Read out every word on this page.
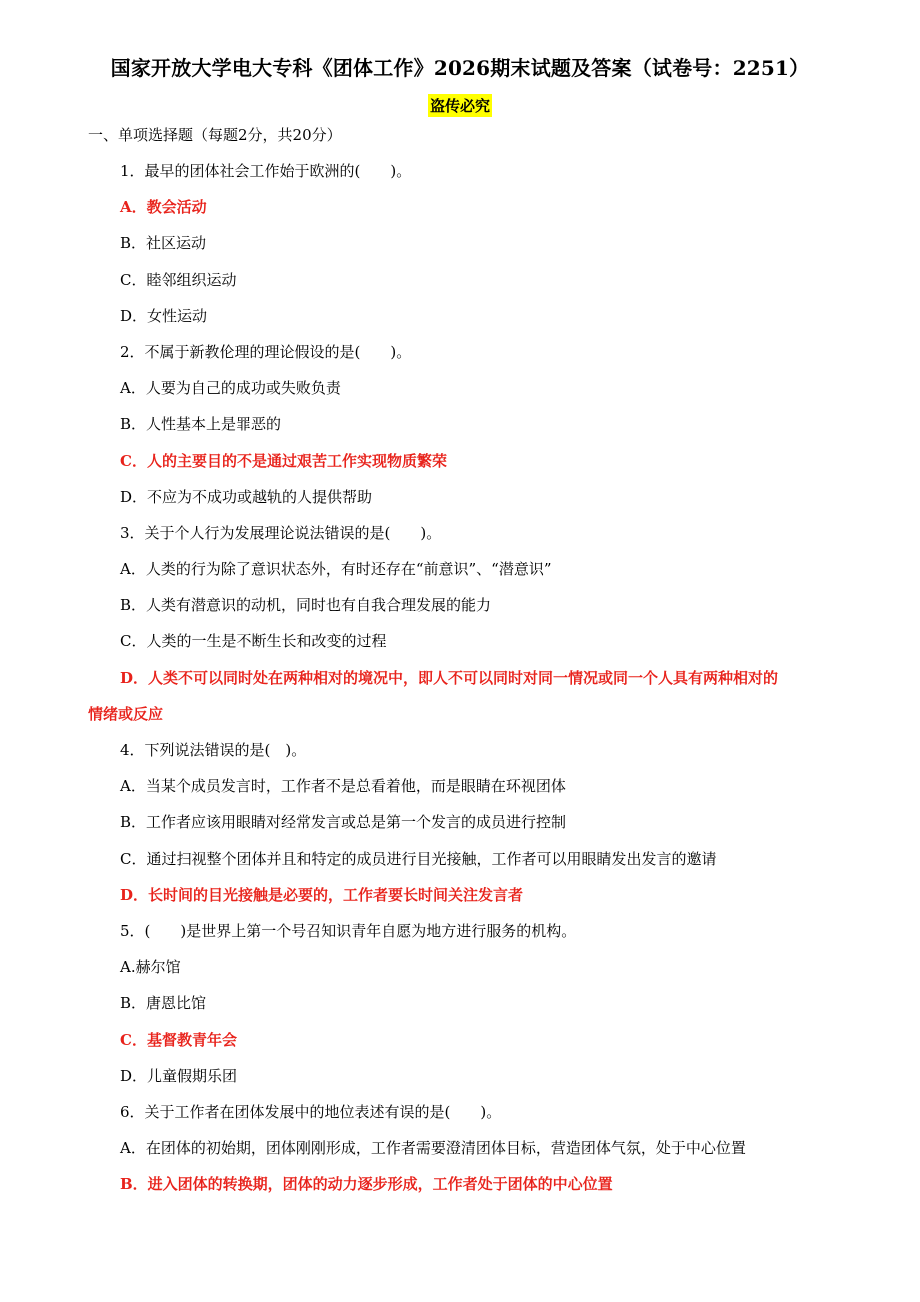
国家开放大学电大专科《团体工作》2026期末试题及答案（试卷号：2251）
盗传必究
一、单项选择题（每题2分，共20分）
1．最早的团体社会工作始于欧洲的(　　)。
A．教会活动
B．社区运动
C．睦邻组织运动
D．女性运动
2．不属于新教伦理的理论假设的是(　　)。
A．人要为自己的成功或失败负责
B．人性基本上是罪恶的
C．人的主要目的不是通过艰苦工作实现物质繁荣
D．不应为不成功或越轨的人提供帮助
3．关于个人行为发展理论说法错误的是(　　)。
A．人类的行为除了意识状态外，有时还存在“前意识”、“潜意识”
B．人类有潜意识的动机，同时也有自我合理发展的能力
C．人类的一生是不断生长和改变的过程
D．人类不可以同时处在两种相对的境况中，即人不可以同时对同一情况或同一个人具有两种相对的
情绪或反应
4．下列说法错误的是(　)。
A．当某个成员发言时，工作者不是总看着他，而是眼睛在环视团体
B．工作者应该用眼睛对经常发言或总是第一个发言的成员进行控制
C．通过扫视整个团体并且和特定的成员进行目光接触，工作者可以用眼睛发出发言的邀请
D．长时间的目光接触是必要的，工作者要长时间关注发言者
5．(　　)是世界上第一个号召知识青年自愿为地方进行服务的机构。
A.赫尔馆
B．唐恩比馆
C．基督教青年会
D．儿童假期乐团
6．关于工作者在团体发展中的地位表述有误的是(　　)。
A．在团体的初始期，团体刚刚形成，工作者需要澄清团体目标，营造团体气氛，处于中心位置
B．进入团体的转换期，团体的动力逐步形成，工作者处于团体的中心位置
